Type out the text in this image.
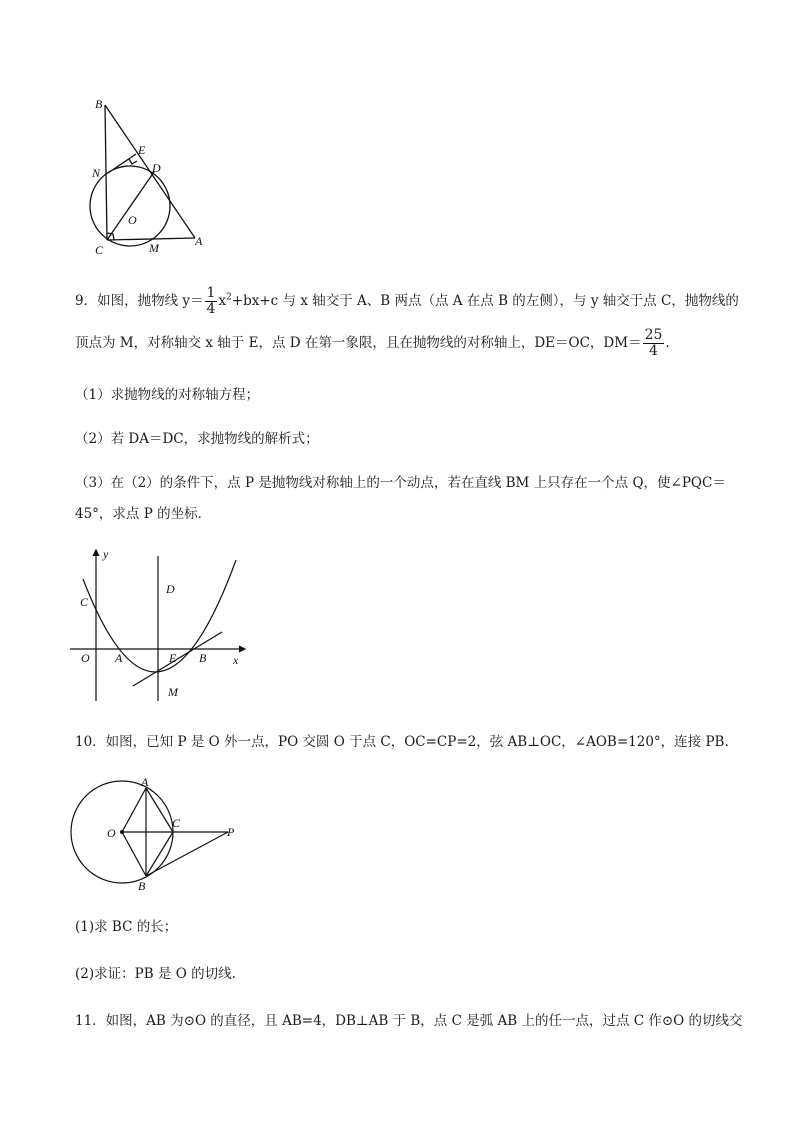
B
E
N	D
O
C	M	A
9．如图，抛物线 $y= \frac{1}{4} x^2+bx+c$ 与 x 轴交于 A、B 两点（点 A 在点 B 的左侧），与 y 轴交于点 C，抛物线的
顶点为 M，对称轴交 x 轴于 E，点 D 在第一象限，且在抛物线的对称轴上，DE＝OC，$DM= \frac{25}{4}$ .
（1）求抛物线的对称轴方程；
（2）若 DA＝DC，求抛物线的解析式；
（3）在（2）的条件下，点 P 是抛物线对称轴上的一个动点，若在直线 BM 上只存在一个点 Q，使∠PQC＝
45°，求点 P 的坐标．
y
x
C
D
O A	E B
M
10．如图，已知 P 是 O 外一点，PO 交圆 O 于点 C，OC=CP=2，弦 AB⊥OC，∠AOB=120°，连接 PB.
A
O
C
P
B
(1)求 BC 的长；
(2)求证：PB 是 O 的切线.
11．如图，AB 为⊙O 的直径，且 AB=4，DB⊥AB 于 B，点 C 是弧 AB 上的任一点，过点 C 作⊙O 的切线交
